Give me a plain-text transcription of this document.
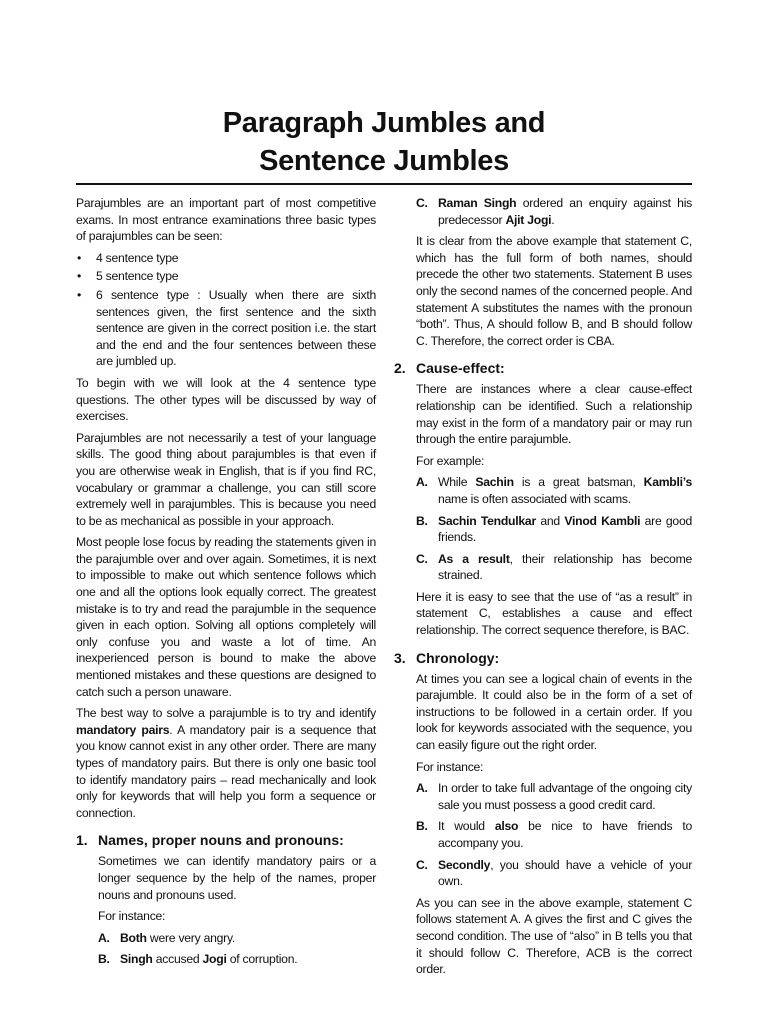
Paragraph Jumbles and
Sentence Jumbles

Parajumbles are an important part of most competitive exams. In most entrance examinations three basic types of parajumbles can be seen:

• 4 sentence type
• 5 sentence type
• 6 sentence type : Usually when there are sixth sentences given, the first sentence and the sixth sentence are given in the correct position i.e. the start and the end and the four sentences between these are jumbled up.

To begin with we will look at the 4 sentence type questions. The other types will be discussed by way of exercises.

Parajumbles are not necessarily a test of your language skills. The good thing about parajumbles is that even if you are otherwise weak in English, that is if you find RC, vocabulary or grammar a challenge, you can still score extremely well in parajumbles. This is because you need to be as mechanical as possible in your approach.

Most people lose focus by reading the statements given in the parajumble over and over again. Sometimes, it is next to impossible to make out which sentence follows which one and all the options look equally correct. The greatest mistake is to try and read the parajumble in the sequence given in each option. Solving all options completely will only confuse you and waste a lot of time. An inexperienced person is bound to make the above mentioned mistakes and these questions are designed to catch such a person unaware.

The best way to solve a parajumble is to try and identify mandatory pairs. A mandatory pair is a sequence that you know cannot exist in any other order. There are many types of mandatory pairs. But there is only one basic tool to identify mandatory pairs – read mechanically and look only for keywords that will help you form a sequence or connection.

1. Names, proper nouns and pronouns:

Sometimes we can identify mandatory pairs or a longer sequence by the help of the names, proper nouns and pronouns used.

For instance:

A. Both were very angry.
B. Singh accused Jogi of corruption.
C. Raman Singh ordered an enquiry against his predecessor Ajit Jogi.

It is clear from the above example that statement C, which has the full form of both names, should precede the other two statements. Statement B uses only the second names of the concerned people. And statement A substitutes the names with the pronoun “both”. Thus, A should follow B, and B should follow C. Therefore, the correct order is CBA.

2. Cause-effect:

There are instances where a clear cause-effect relationship can be identified. Such a relationship may exist in the form of a mandatory pair or may run through the entire parajumble.

For example:

A. While Sachin is a great batsman, Kambli’s name is often associated with scams.
B. Sachin Tendulkar and Vinod Kambli are good friends.
C. As a result, their relationship has become strained.

Here it is easy to see that the use of “as a result” in statement C, establishes a cause and effect relationship. The correct sequence therefore, is BAC.

3. Chronology:

At times you can see a logical chain of events in the parajumble. It could also be in the form of a set of instructions to be followed in a certain order. If you look for keywords associated with the sequence, you can easily figure out the right order.

For instance:

A. In order to take full advantage of the ongoing city sale you must possess a good credit card.
B. It would also be nice to have friends to accompany you.
C. Secondly, you should have a vehicle of your own.

As you can see in the above example, statement C follows statement A. A gives the first and C gives the second condition. The use of “also” in B tells you that it should follow C. Therefore, ACB is the correct order.
